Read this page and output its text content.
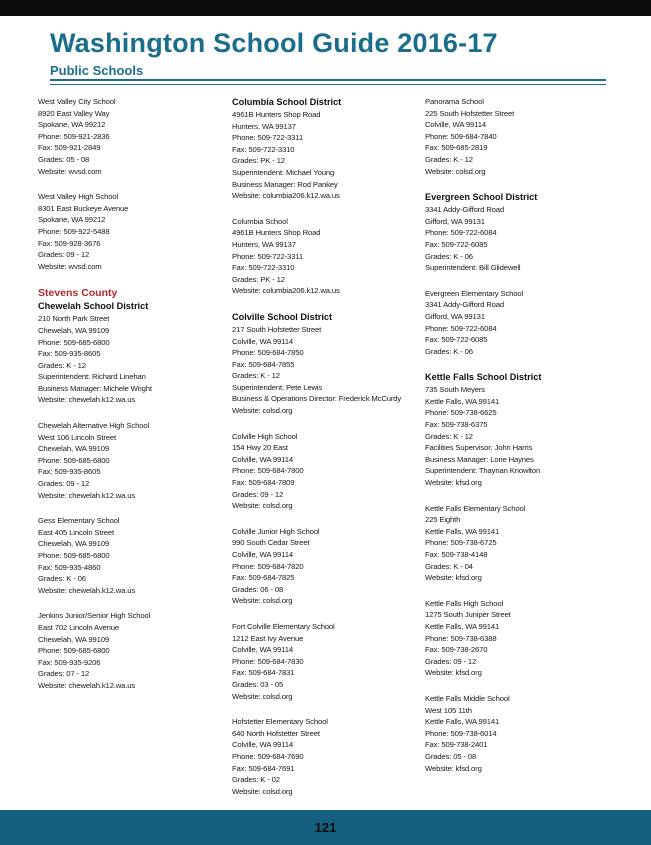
Washington School Guide 2016-17
Public Schools
West Valley City School
8920 East Valley Way
Spokane, WA 99212
Phone: 509-921-2836
Fax: 509-921-2849
Grades: 05 - 08
Website: wvsd.com
West Valley High School
8301 East Buckeye Avenue
Spokane, WA 99212
Phone: 509-922-5488
Fax: 509-928-3676
Grades: 09 - 12
Website: wvsd.com
Stevens County
Chewelah School District
210 North Park Street
Chewelah, WA 99109
Phone: 509-685-6800
Fax: 509-935-8605
Grades: K - 12
Superintendent: Richard Linehan
Business Manager: Michele Wright
Website: chewelah.k12.wa.us
Chewelah Alternative High School
West 106 Lincoln Street
Chewelah, WA 99109
Phone: 509-685-6800
Fax: 509-935-8605
Grades: 09 - 12
Website: chewelah.k12.wa.us
Gess Elementary School
East 405 Lincoln Street
Chewelah, WA 99109
Phone: 509-685-6800
Fax: 509-935-4860
Grades: K - 06
Website: chewelah.k12.wa.us
Jenkins Junior/Senior High School
East 702 Lincoln Avenue
Chewelah, WA 99109
Phone: 509-685-6800
Fax: 509-935-9206
Grades: 07 - 12
Website: chewelah.k12.wa.us
Columbia School District
4961B Hunters Shop Road
Hunters, WA 99137
Phone: 509-722-3311
Fax: 509-722-3310
Grades: PK - 12
Superintendent: Michael Young
Business Manager: Rod Pankey
Website: columbia206.k12.wa.us
Columbia School
4961B Hunters Shop Road
Hunters, WA 99137
Phone: 509-722-3311
Fax: 509-722-3310
Grades: PK - 12
Website: columbia206.k12.wa.us
Colville School District
217 South Hofstetter Street
Colville, WA 99114
Phone: 509-684-7850
Fax: 509-684-7855
Grades: K - 12
Superintendent: Pete Lewis
Business & Operations Director: Frederick McCurdy
Website: colsd.org
Colville High School
154 Hwy 20 East
Colville, WA 99114
Phone: 509-684-7800
Fax: 509-684-7809
Grades: 09 - 12
Website: colsd.org
Colville Junior High School
990 South Cedar Street
Colville, WA 99114
Phone: 509-684-7820
Fax: 509-684-7825
Grades: 06 - 08
Website: colsd.org
Fort Colville Elementary School
1212 East Ivy Avenue
Colville, WA 99114
Phone: 509-684-7830
Fax: 509-684-7831
Grades: 03 - 05
Website: colsd.org
Hofstetter Elementary School
640 North Hofstetter Street
Colville, WA 99114
Phone: 509-684-7690
Fax: 509-684-7691
Grades: K - 02
Website: colsd.org
Panorama School
225 South Hofstetter Street
Colville, WA 99114
Phone: 509-684-7840
Fax: 509-685-2819
Grades: K - 12
Website: colsd.org
Evergreen School District
3341 Addy-Gifford Road
Gifford, WA 99131
Phone: 509-722-6084
Fax: 509-722-6085
Grades: K - 06
Superintendent: Bill Glidewell
Evergreen Elementary School
3341 Addy-Gifford Road
Gifford, WA 99131
Phone: 509-722-6084
Fax: 509-722-6085
Grades: K - 06
Kettle Falls School District
735 South Meyers
Kettle Falls, WA 99141
Phone: 509-738-6625
Fax: 509-738-6375
Grades: K - 12
Facilities Supervisor: John Harris
Business Manager: Lorie Haynes
Superintendent: Thaynan Knowlton
Website: kfsd.org
Kettle Falls Elementary School
225 Eighth
Kettle Falls, WA 99141
Phone: 509-738-6725
Fax: 509-738-4148
Grades: K - 04
Website: kfsd.org
Kettle Falls High School
1275 South Juniper Street
Kettle Falls, WA 99141
Phone: 509-738-6388
Fax: 509-738-2670
Grades: 09 - 12
Website: kfsd.org
Kettle Falls Middle School
West 105 11th
Kettle Falls, WA 99141
Phone: 509-738-6014
Fax: 509-738-2401
Grades: 05 - 08
Website: kfsd.org
121
